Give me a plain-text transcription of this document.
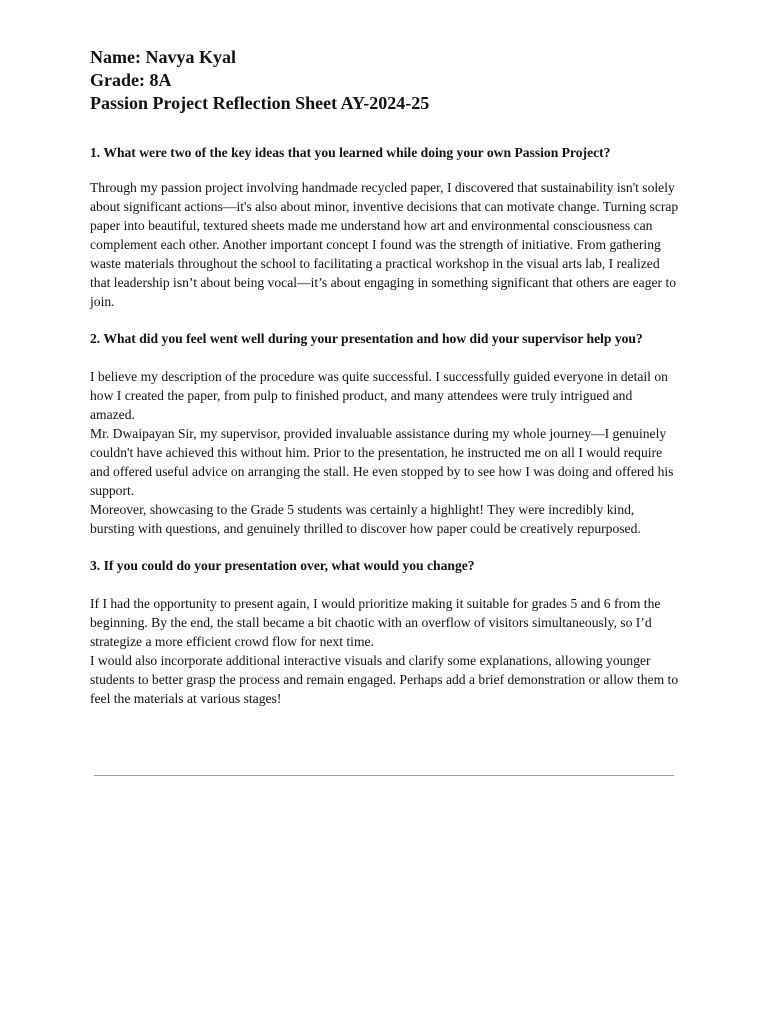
Name: Navya Kyal

Grade: 8A

Passion Project Reflection Sheet AY-2024-25

1. What were two of the key ideas that you learned while doing your own Passion Project?

Through my passion project involving handmade recycled paper, I discovered that sustainability isn't solely about significant actions—it's also about minor, inventive decisions that can motivate change. Turning scrap paper into beautiful, textured sheets made me understand how art and environmental consciousness can complement each other. Another important concept I found was the strength of initiative. From gathering waste materials throughout the school to facilitating a practical workshop in the visual arts lab, I realized that leadership isn’t about being vocal—it’s about engaging in something significant that others are eager to join.

2. What did you feel went well during your presentation and how did your supervisor help you?

I believe my description of the procedure was quite successful. I successfully guided everyone in detail on how I created the paper, from pulp to finished product, and many attendees were truly intrigued and amazed.

Mr. Dwaipayan Sir, my supervisor, provided invaluable assistance during my whole journey—I genuinely couldn't have achieved this without him. Prior to the presentation, he instructed me on all I would require and offered useful advice on arranging the stall. He even stopped by to see how I was doing and offered his support.

Moreover, showcasing to the Grade 5 students was certainly a highlight! They were incredibly kind, bursting with questions, and genuinely thrilled to discover how paper could be creatively repurposed.

3. If you could do your presentation over, what would you change?

If I had the opportunity to present again, I would prioritize making it suitable for grades 5 and 6 from the beginning. By the end, the stall became a bit chaotic with an overflow of visitors simultaneously, so I’d strategize a more efficient crowd flow for next time.

I would also incorporate additional interactive visuals and clarify some explanations, allowing younger students to better grasp the process and remain engaged. Perhaps add a brief demonstration or allow them to feel the materials at various stages!
